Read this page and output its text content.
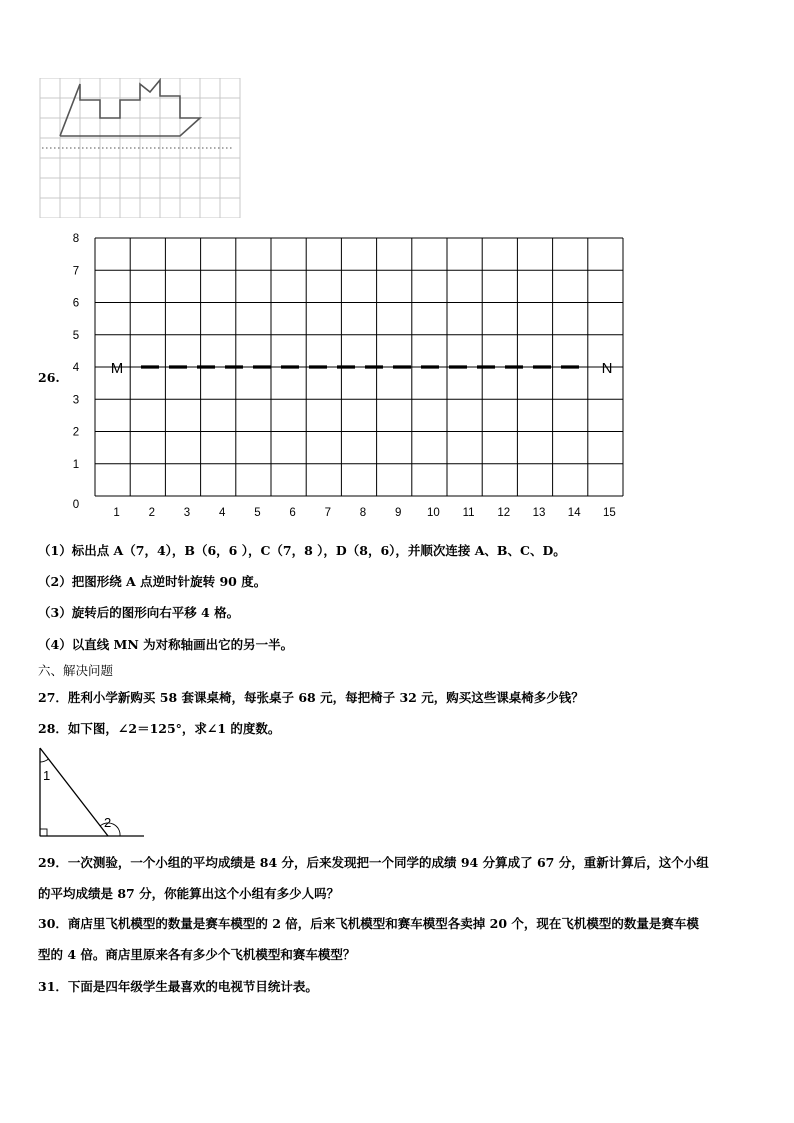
26.
0
1
2
3
4
5
6
7
8
1	2	3	4	5	6	7	8	9 10 11 12 13 14 15
M	N
（1）标出点 A（7，4），B（6，6 ），C（7，8 ），D（8，6），并顺次连接 A、B、C、D。
（2）把图形绕 A 点逆时针旋转 90 度。
（3）旋转后的图形向右平移 4 格。
（4）以直线 MN 为对称轴画出它的另一半。
六、解决问题
27．胜利小学新购买 58 套课桌椅，每张桌子 68 元，每把椅子 32 元，购买这些课桌椅多少钱？
28．如下图，∠2＝125°，求∠1 的度数。
1
2
29．一次测验，一个小组的平均成绩是 84 分，后来发现把一个同学的成绩 94 分算成了 67 分，重新计算后，这个小组
的平均成绩是 87 分，你能算出这个小组有多少人吗？
30．商店里飞机模型的数量是赛车模型的 2 倍，后来飞机模型和赛车模型各卖掉 20 个，现在飞机模型的数量是赛车模
型的 4 倍。商店里原来各有多少个飞机模型和赛车模型？
31．下面是四年级学生最喜欢的电视节目统计表。
